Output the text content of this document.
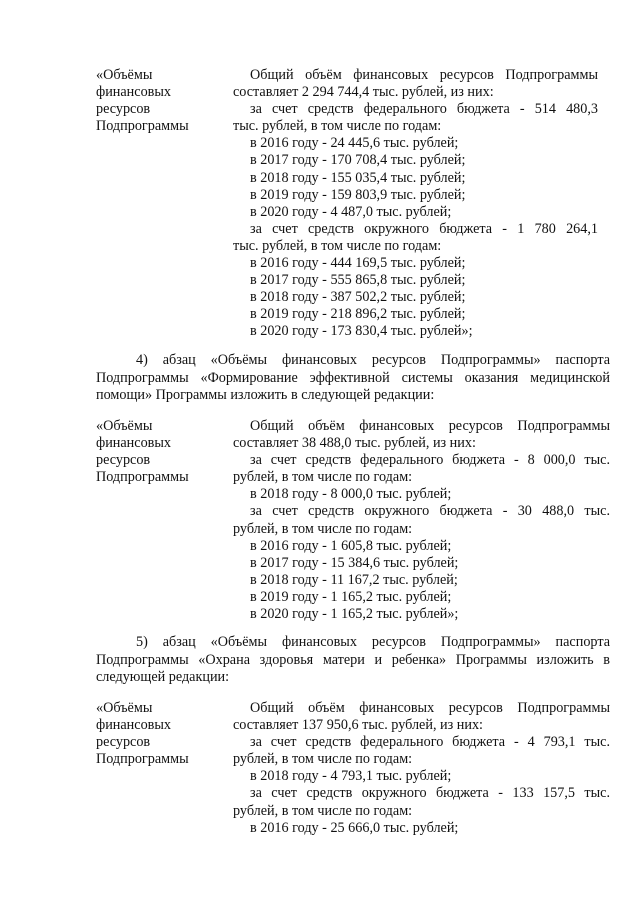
«Объёмы
финансовых
ресурсов
Подпрограммы
Общий объём финансовых ресурсов Подпрограммы
составляет 2 294 744,4 тыс. рублей, из них:
за счет средств федерального бюджета - 514 480,3
тыс. рублей, в том числе по годам:
в 2016 году - 24 445,6 тыс. рублей;
в 2017 году - 170 708,4 тыс. рублей;
в 2018 году - 155 035,4 тыс. рублей;
в 2019 году - 159 803,9 тыс. рублей;
в 2020 году - 4 487,0 тыс. рублей;
за счет средств окружного бюджета - 1 780 264,1
тыс. рублей, в том числе по годам:
в 2016 году - 444 169,5 тыс. рублей;
в 2017 году - 555 865,8 тыс. рублей;
в 2018 году - 387 502,2 тыс. рублей;
в 2019 году - 218 896,2 тыс. рублей;
в 2020 году - 173 830,4 тыс. рублей»;
4) абзац «Объёмы финансовых ресурсов Подпрограммы» паспорта
Подпрограммы «Формирование эффективной системы оказания медицинской
помощи» Программы изложить в следующей редакции:
«Объёмы
финансовых
ресурсов
Подпрограммы
Общий объём финансовых ресурсов Подпрограммы
составляет 38 488,0 тыс. рублей, из них:
за счет средств федерального бюджета - 8 000,0 тыс.
рублей, в том числе по годам:
в 2018 году - 8 000,0 тыс. рублей;
за счет средств окружного бюджета - 30 488,0 тыс.
рублей, в том числе по годам:
в 2016 году - 1 605,8 тыс. рублей;
в 2017 году - 15 384,6 тыс. рублей;
в 2018 году - 11 167,2 тыс. рублей;
в 2019 году - 1 165,2 тыс. рублей;
в 2020 году - 1 165,2 тыс. рублей»;
5) абзац «Объёмы финансовых ресурсов Подпрограммы» паспорта
Подпрограммы «Охрана здоровья матери и ребенка» Программы изложить в
следующей редакции:
«Объёмы
финансовых
ресурсов
Подпрограммы
Общий объём финансовых ресурсов Подпрограммы
составляет 137 950,6 тыс. рублей, из них:
за счет средств федерального бюджета - 4 793,1 тыс.
рублей, в том числе по годам:
в 2018 году - 4 793,1 тыс. рублей;
за счет средств окружного бюджета - 133 157,5 тыс.
рублей, в том числе по годам:
в 2016 году - 25 666,0 тыс. рублей;
